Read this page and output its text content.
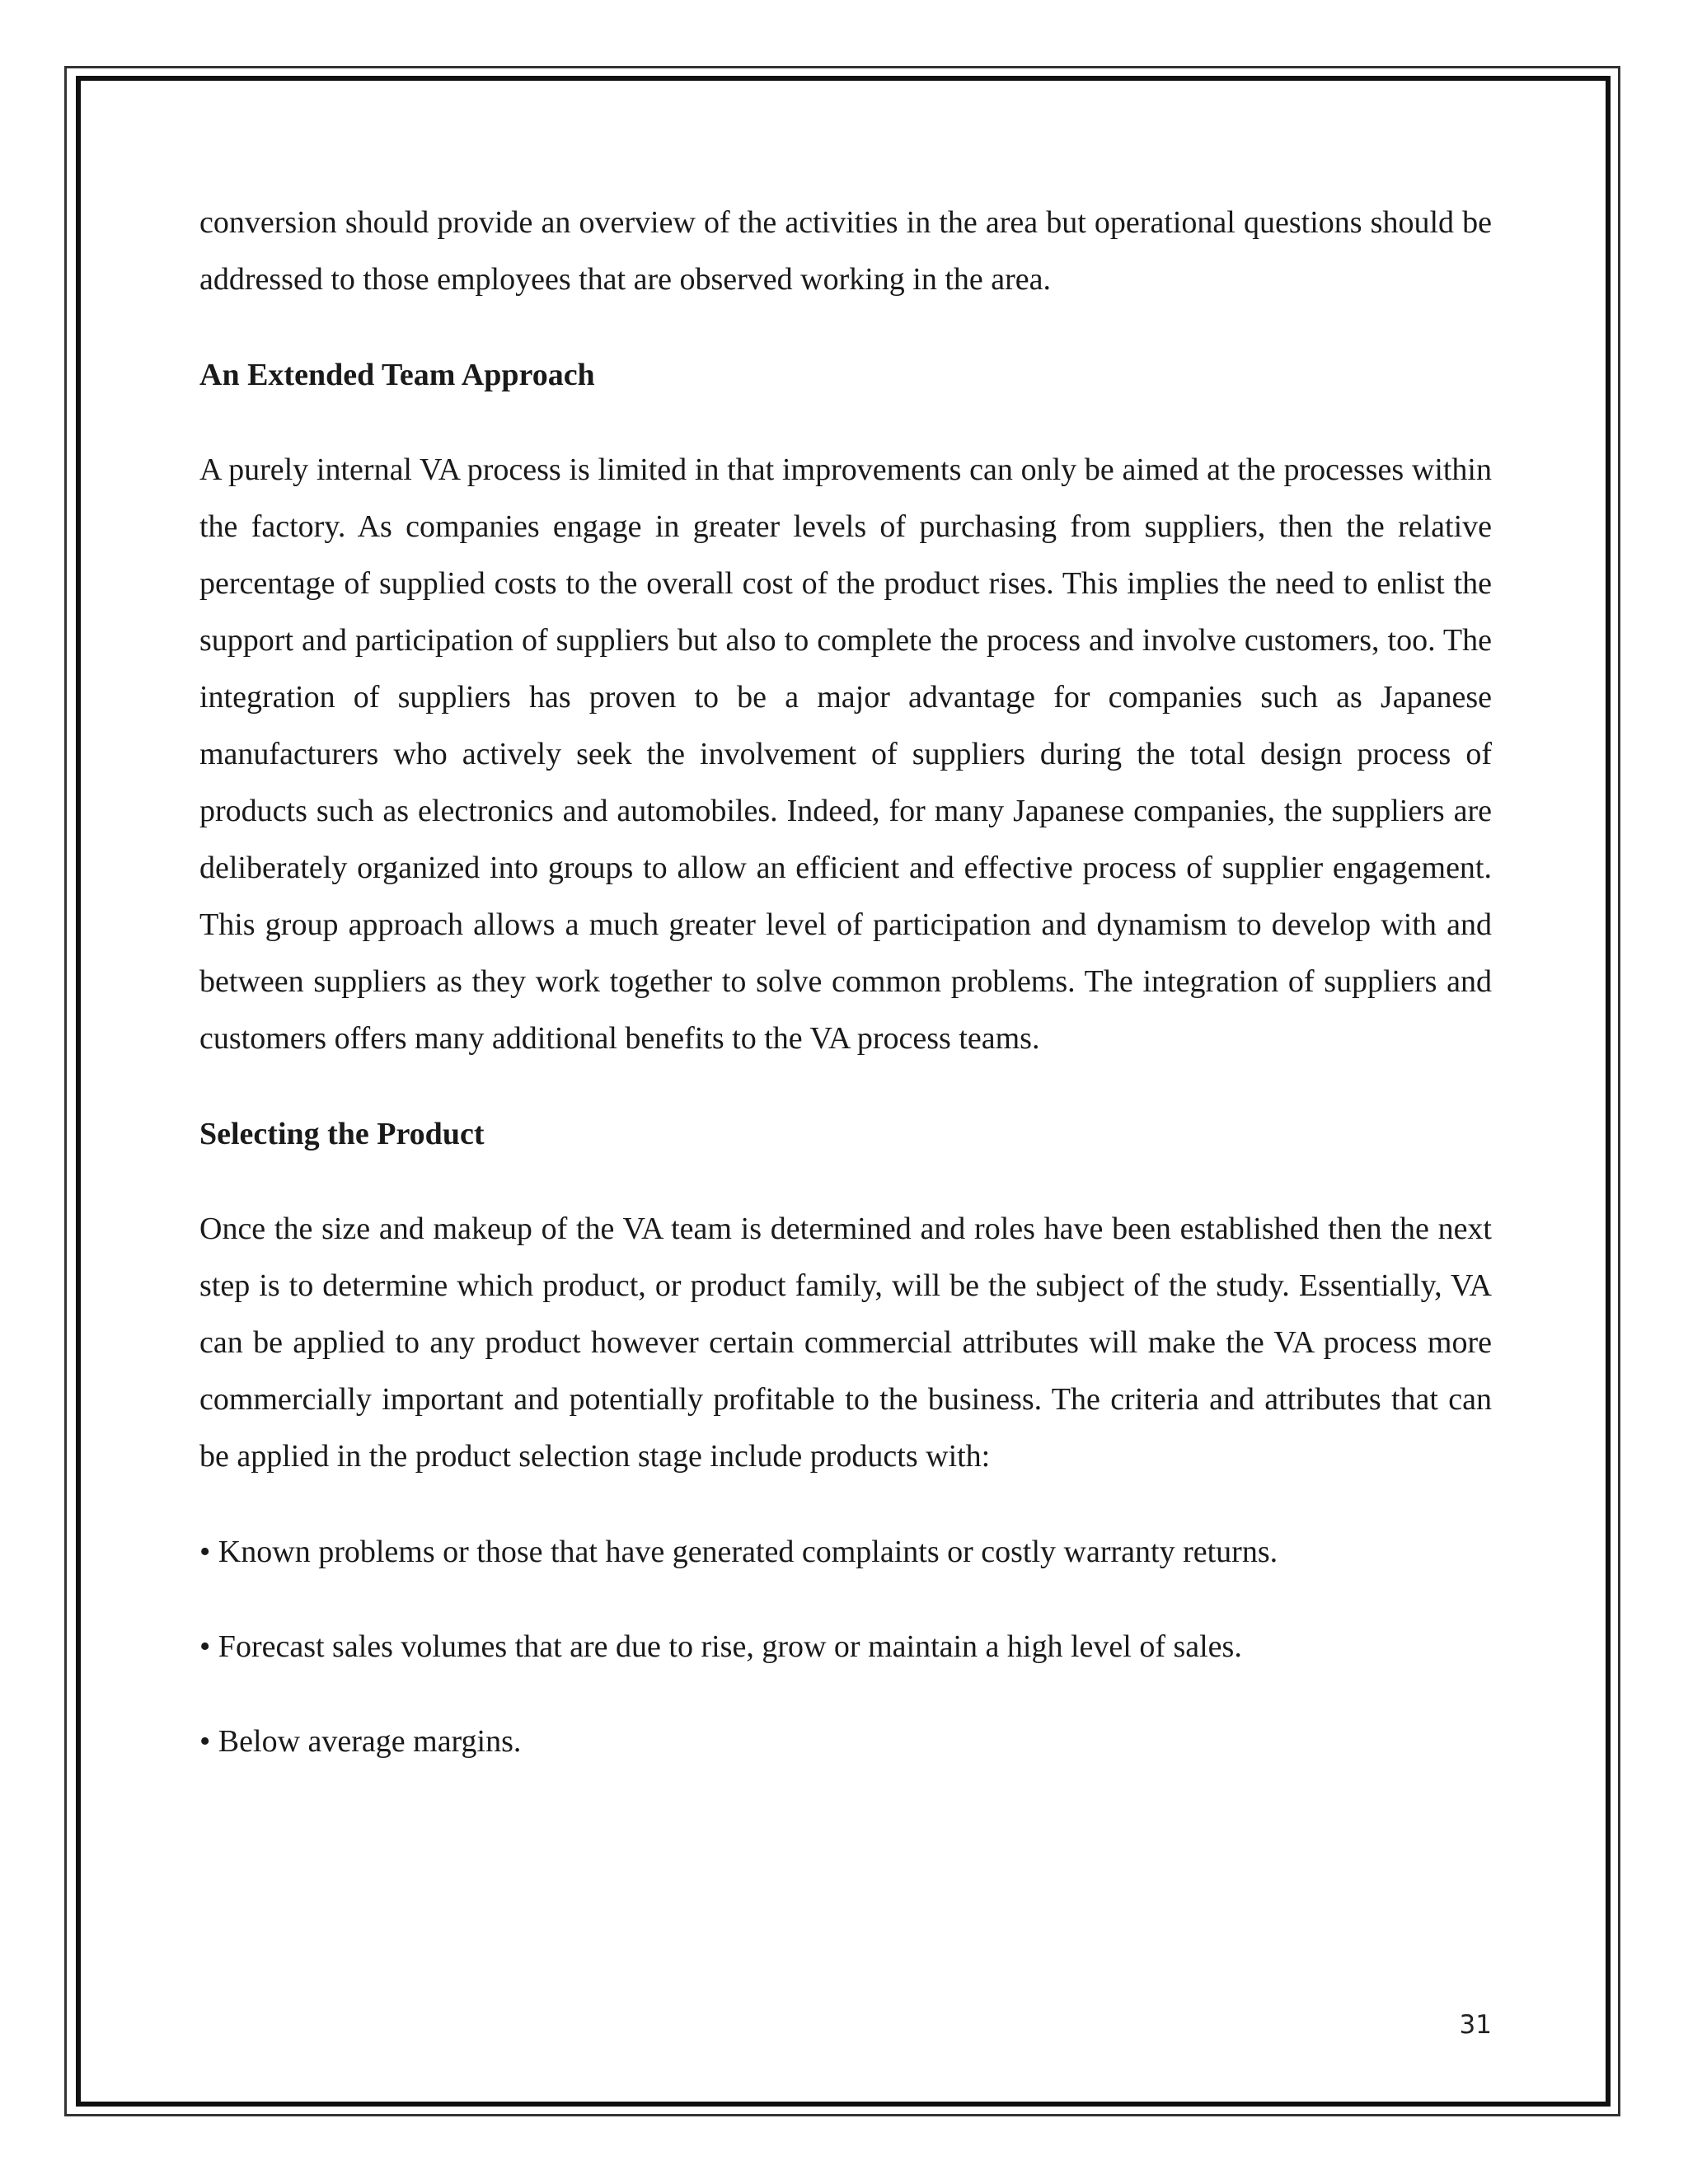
conversion should provide an overview of the activities in the area but operational questions should be addressed to those employees that are observed working in the area.

An Extended Team Approach

A purely internal VA process is limited in that improvements can only be aimed at the processes within the factory. As companies engage in greater levels of purchasing from suppliers, then the relative percentage of supplied costs to the overall cost of the product rises. This implies the need to enlist the support and participation of suppliers but also to complete the process and involve customers, too. The integration of suppliers has proven to be a major advantage for companies such as Japanese manufacturers who actively seek the involvement of suppliers during the total design process of products such as electronics and automobiles. Indeed, for many Japanese companies, the suppliers are deliberately organized into groups to allow an efficient and effective process of supplier engagement. This group approach allows a much greater level of participation and dynamism to develop with and between suppliers as they work together to solve common problems. The integration of suppliers and customers offers many additional benefits to the VA process teams.

Selecting the Product

Once the size and makeup of the VA team is determined and roles have been established then the next step is to determine which product, or product family, will be the subject of the study. Essentially, VA can be applied to any product however certain commercial attributes will make the VA process more commercially important and potentially profitable to the business. The criteria and attributes that can be applied in the product selection stage include products with:

• Known problems or those that have generated complaints or costly warranty returns.

• Forecast sales volumes that are due to rise, grow or maintain a high level of sales.

• Below average margins.

31
